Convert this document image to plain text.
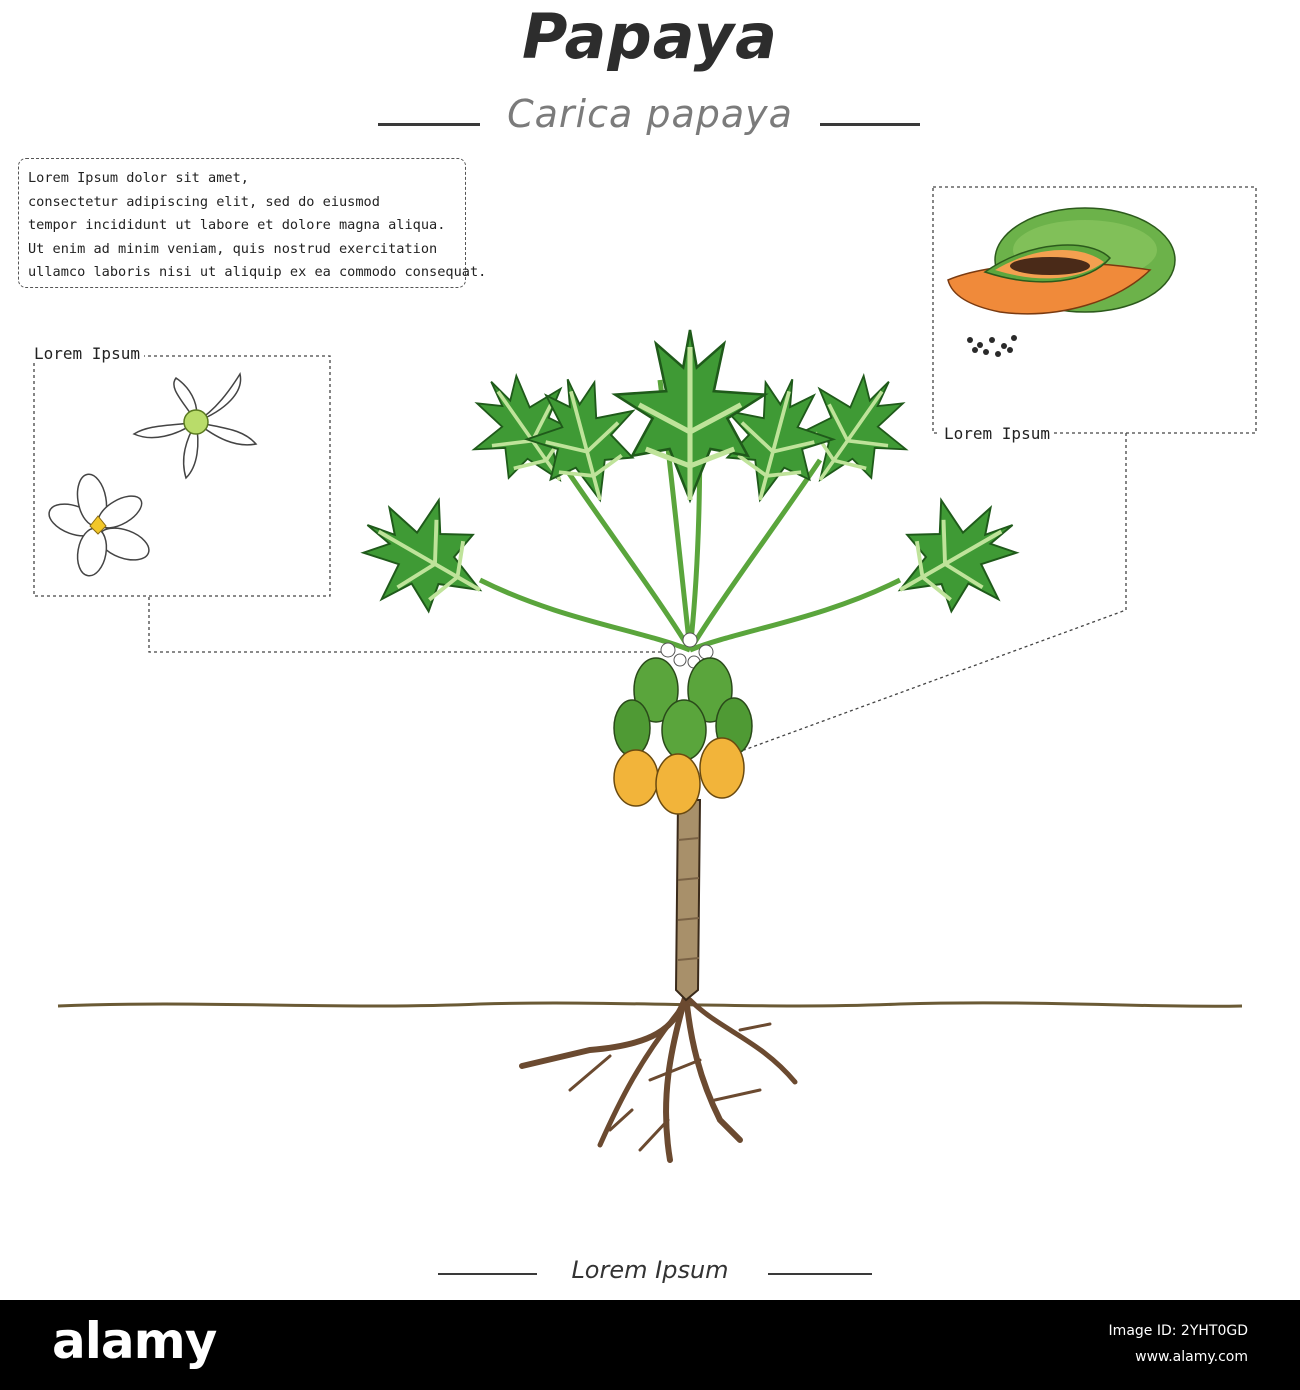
Papaya
Carica papaya
Lorem Ipsum dolor sit amet,
consectetur adipiscing elit, sed do eiusmod
tempor incididunt ut labore et dolore magna aliqua.
Ut enim ad minim veniam, quis nostrud exercitation
ullamco laboris nisi ut aliquip ex ea commodo consequat.
Lorem Ipsum
Lorem Ipsum
Lorem Ipsum
alamy	Image ID: 2YHT0GD
www.alamy.com
